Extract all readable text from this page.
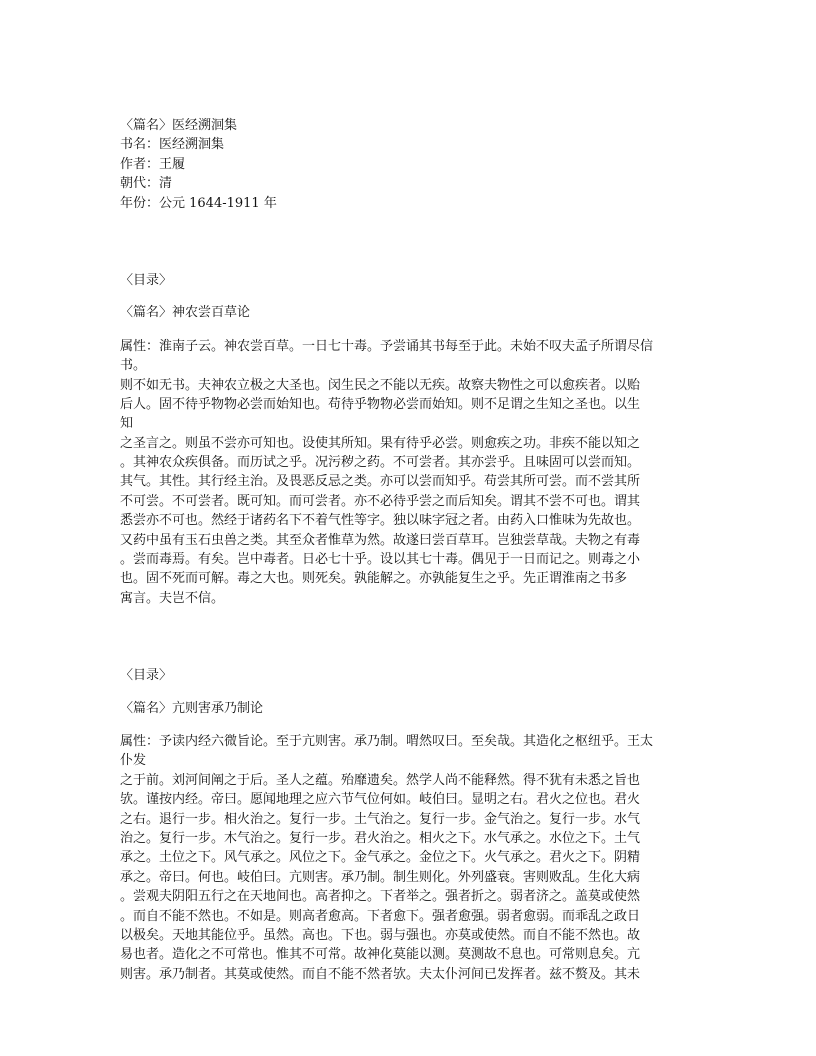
〈篇名〉医经溯洄集
书名：医经溯洄集
作者：王履
朝代：清
年份：公元 1644-1911 年
〈目录〉
〈篇名〉神农尝百草论
属性：淮南子云。神农尝百草。一日七十毒。予尝诵其书每至于此。未始不叹夫孟子所谓尽信
书。
则不如无书。夫神农立极之大圣也。闵生民之不能以无疾。故察夫物性之可以愈疾者。以贻
后人。固不待乎物物必尝而始知也。苟待乎物物必尝而始知。则不足谓之生知之圣也。以生
知
之圣言之。则虽不尝亦可知也。设使其所知。果有待乎必尝。则愈疾之功。非疾不能以知之
。其神农众疾俱备。而历试之乎。况污秽之药。不可尝者。其亦尝乎。且味固可以尝而知。
其气。其性。其行经主治。及畏恶反忌之类。亦可以尝而知乎。苟尝其所可尝。而不尝其所
不可尝。不可尝者。既可知。而可尝者。亦不必待乎尝之而后知矣。谓其不尝不可也。谓其
悉尝亦不可也。然经于诸药名下不着气性等字。独以味字冠之者。由药入口惟味为先故也。
又药中虽有玉石虫兽之类。其至众者惟草为然。故遂曰尝百草耳。岂独尝草哉。夫物之有毒
。尝而毒焉。有矣。岂中毒者。日必七十乎。设以其七十毒。偶见于一日而记之。则毒之小
也。固不死而可解。毒之大也。则死矣。孰能解之。亦孰能复生之乎。先正谓淮南之书多
寓言。夫岂不信。
〈目录〉
〈篇名〉亢则害承乃制论
属性：予读内经六微旨论。至于亢则害。承乃制。喟然叹曰。至矣哉。其造化之枢纽乎。王太
仆发
之于前。刘河间阐之于后。圣人之蕴。殆靡遗矣。然学人尚不能释然。得不犹有未悉之旨也
欤。谨按内经。帝曰。愿闻地理之应六节气位何如。岐伯曰。显明之右。君火之位也。君火
之右。退行一步。相火治之。复行一步。土气治之。复行一步。金气治之。复行一步。水气
治之。复行一步。木气治之。复行一步。君火治之。相火之下。水气承之。水位之下。土气
承之。土位之下。风气承之。风位之下。金气承之。金位之下。火气承之。君火之下。阴精
承之。帝曰。何也。岐伯曰。亢则害。承乃制。制生则化。外列盛衰。害则败乱。生化大病
。尝观夫阴阳五行之在天地间也。高者抑之。下者举之。强者折之。弱者济之。盖莫或使然
。而自不能不然也。不如是。则高者愈高。下者愈下。强者愈强。弱者愈弱。而乖乱之政日
以极矣。天地其能位乎。虽然。高也。下也。弱与强也。亦莫或使然。而自不能不然也。故
易也者。造化之不可常也。惟其不可常。故神化莫能以测。莫测故不息也。可常则息矣。亢
则害。承乃制者。其莫或使然。而自不能不然者欤。夫太仆河间已发挥者。兹不赘及。其未
